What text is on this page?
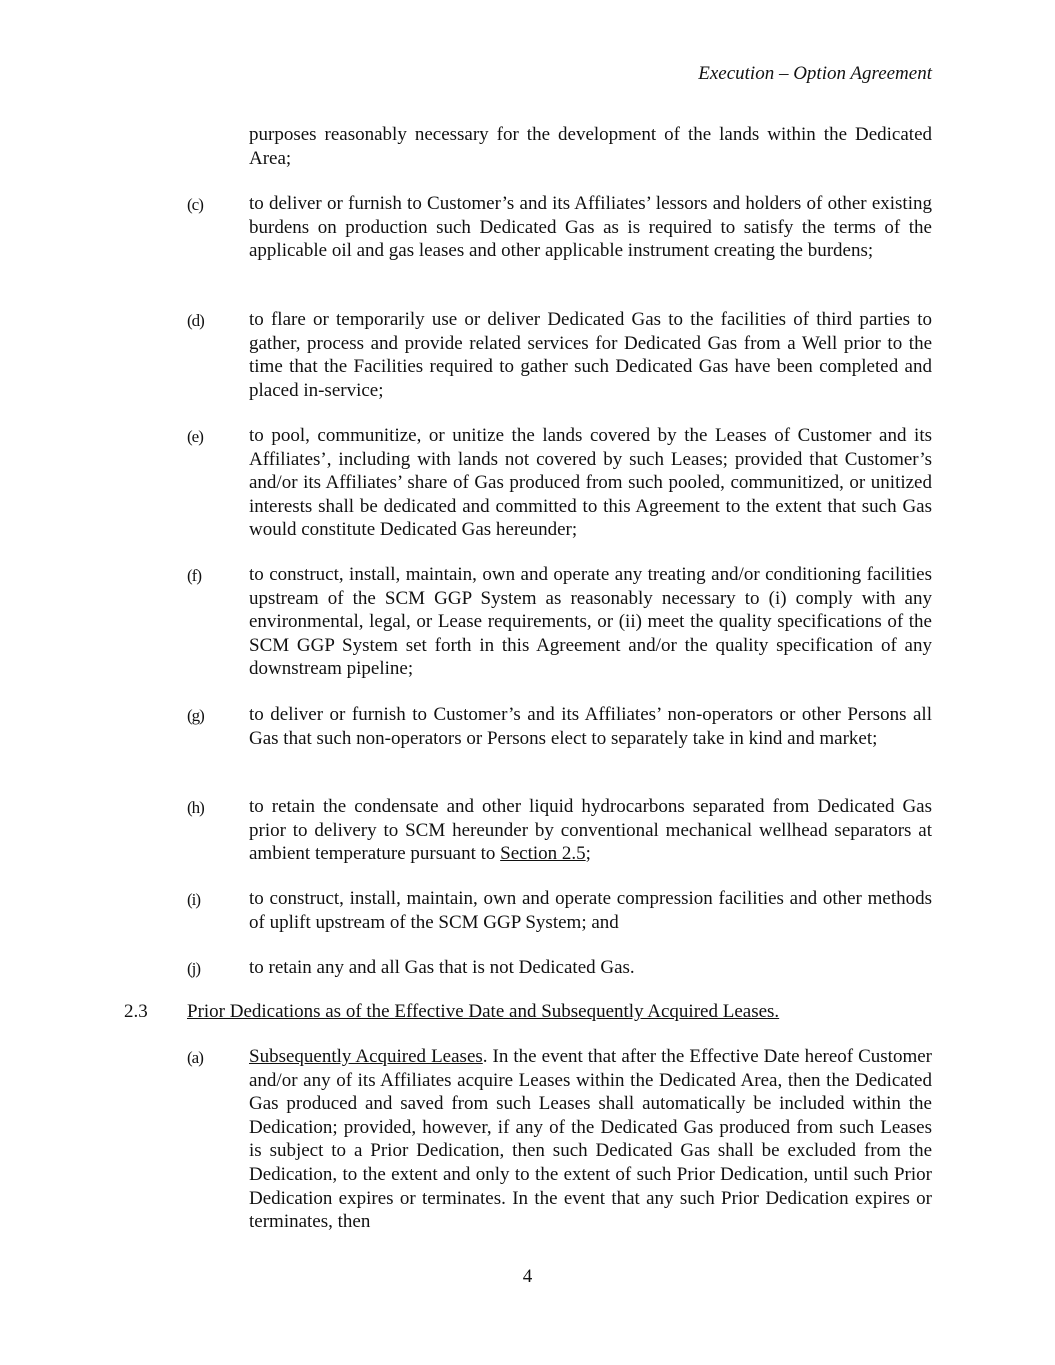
Execution – Option Agreement
purposes reasonably necessary for the development of the lands within the Dedicated Area;
(c) to deliver or furnish to Customer’s and its Affiliates’ lessors and holders of other existing burdens on production such Dedicated Gas as is required to satisfy the terms of the applicable oil and gas leases and other applicable instrument creating the burdens;
(d) to flare or temporarily use or deliver Dedicated Gas to the facilities of third parties to gather, process and provide related services for Dedicated Gas from a Well prior to the time that the Facilities required to gather such Dedicated Gas have been completed and placed in-service;
(e) to pool, communitize, or unitize the lands covered by the Leases of Customer and its Affiliates’, including with lands not covered by such Leases; provided that Customer’s and/or its Affiliates’ share of Gas produced from such pooled, communitized, or unitized interests shall be dedicated and committed to this Agreement to the extent that such Gas would constitute Dedicated Gas hereunder;
(f)	to construct, install, maintain, own and operate any treating and/or conditioning facilities upstream of the SCM GGP System as reasonably necessary to (i) comply with any environmental, legal, or Lease requirements, or (ii) meet the quality specifications of the SCM GGP System set forth in this Agreement and/or the quality specification of any downstream pipeline;
(g) to deliver or furnish to Customer’s and its Affiliates’ non-operators or other Persons all Gas that such non-operators or Persons elect to separately take in kind and market;
(h) to retain the condensate and other liquid hydrocarbons separated from Dedicated Gas prior to delivery to SCM hereunder by conventional mechanical wellhead separators at ambient temperature pursuant to Section 2.5;
(i)	to construct, install, maintain, own and operate compression facilities and other methods of uplift upstream of the SCM GGP System; and
(j)	to retain any and all Gas that is not Dedicated Gas.
2.3 Prior Dedications as of the Effective Date and Subsequently Acquired Leases.
(a) Subsequently Acquired Leases. In the event that after the Effective Date hereof Customer and/or any of its Affiliates acquire Leases within the Dedicated Area, then the Dedicated Gas produced and saved from such Leases shall automatically be included within the Dedication; provided, however, if any of the Dedicated Gas produced from such Leases is subject to a Prior Dedication, then such Dedicated Gas shall be excluded from the Dedication, to the extent and only to the extent of such Prior Dedication, until such Prior Dedication expires or terminates. In the event that any such Prior Dedication expires or terminates, then
4
